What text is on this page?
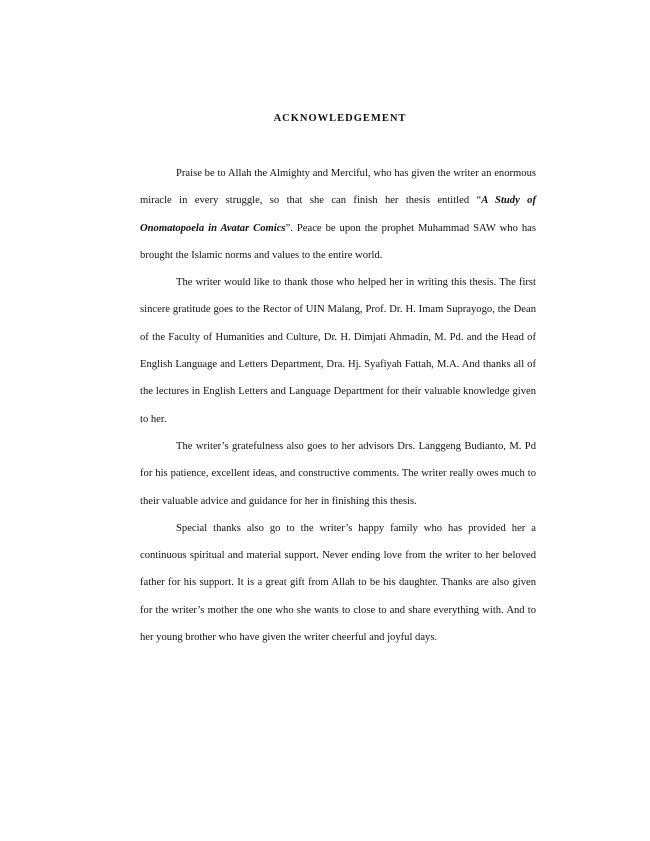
ACKNOWLEDGEMENT

Praise be to Allah the Almighty and Merciful, who has given the writer an enormous miracle in every struggle, so that she can finish her thesis entitled “A Study of Onomatopoela in Avatar Comics”. Peace be upon the prophet Muhammad SAW who has brought the Islamic norms and values to the entire world.

The writer would like to thank those who helped her in writing this thesis. The first sincere gratitude goes to the Rector of UIN Malang, Prof. Dr. H. Imam Suprayogo, the Dean of the Faculty of Humanities and Culture, Dr. H. Dimjati Ahmadin, M. Pd. and the Head of English Language and Letters Department, Dra. Hj. Syafiyah Fattah, M.A. And thanks all of the lectures in English Letters and Language Department for their valuable knowledge given to her.

The writer’s gratefulness also goes to her advisors Drs. Langgeng Budianto, M. Pd for his patience, excellent ideas, and constructive comments. The writer really owes much to their valuable advice and guidance for her in finishing this thesis.

Special thanks also go to the writer’s happy family who has provided her a continuous spiritual and material support. Never ending love from the writer to her beloved father for his support. It is a great gift from Allah to be his daughter. Thanks are also given for the writer’s mother the one who she wants to close to and share everything with. And to her young brother who have given the writer cheerful and joyful days.
